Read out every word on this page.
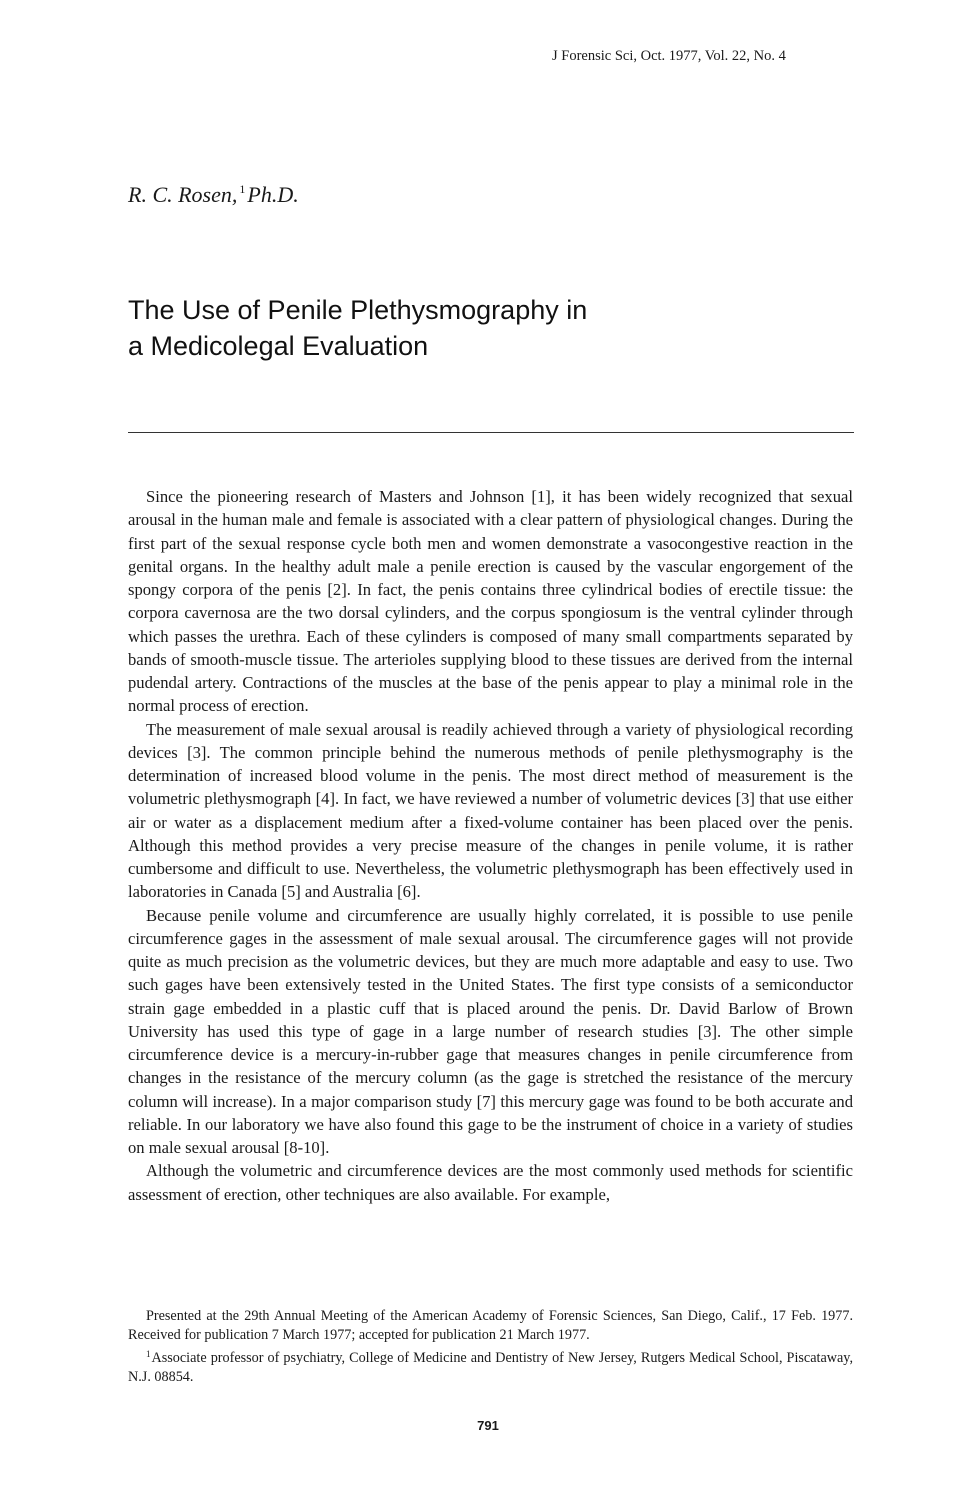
J Forensic Sci, Oct. 1977, Vol. 22, No. 4
R. C. Rosen, $^1$Ph.D.
The Use of Penile Plethysmography in
a Medicolegal Evaluation

Since the pioneering research of Masters and Johnson [1], it has been widely recognized that sexual arousal in the human male and female is associated with a clear pattern of physiological changes. During the first part of the sexual response cycle both men and women demonstrate a vasocongestive reaction in the genital organs. In the healthy adult male a penile erection is caused by the vascular engorgement of the spongy corpora of the penis [2]. In fact, the penis contains three cylindrical bodies of erectile tissue: the corpora cavernosa are the two dorsal cylinders, and the corpus spongiosum is the ventral cylinder through which passes the urethra. Each of these cylinders is composed of many small compartments separated by bands of smooth-muscle tissue. The arterioles supplying blood to these tissues are derived from the internal pudendal artery. Contractions of the muscles at the base of the penis appear to play a minimal role in the normal process of erection.

The measurement of male sexual arousal is readily achieved through a variety of physiological recording devices [3]. The common principle behind the numerous methods of penile plethysmography is the determination of increased blood volume in the penis. The most direct method of measurement is the volumetric plethysmograph [4]. In fact, we have reviewed a number of volumetric devices [3] that use either air or water as a displacement medium after a fixed-volume container has been placed over the penis. Although this method provides a very precise measure of the changes in penile volume, it is rather cumbersome and difficult to use. Nevertheless, the volumetric plethysmograph has been effectively used in laboratories in Canada [5] and Australia [6].

Because penile volume and circumference are usually highly correlated, it is possible to use penile circumference gages in the assessment of male sexual arousal. The circumference gages will not provide quite as much precision as the volumetric devices, but they are much more adaptable and easy to use. Two such gages have been extensively tested in the United States. The first type consists of a semiconductor strain gage embedded in a plastic cuff that is placed around the penis. Dr. David Barlow of Brown University has used this type of gage in a large number of research studies [3]. The other simple circumference device is a mercury-in-rubber gage that measures changes in penile circumference from changes in the resistance of the mercury column (as the gage is stretched the resistance of the mercury column will increase). In a major comparison study [7] this mercury gage was found to be both accurate and reliable. In our laboratory we have also found this gage to be the instrument of choice in a variety of studies on male sexual arousal [8-10].

Although the volumetric and circumference devices are the most commonly used methods for scientific assessment of erection, other techniques are also available. For example,

Presented at the 29th Annual Meeting of the American Academy of Forensic Sciences, San Diego, Calif., 17 Feb. 1977. Received for publication 7 March 1977; accepted for publication 21 March 1977.

$^1$Associate professor of psychiatry, College of Medicine and Dentistry of New Jersey, Rutgers Medical School, Piscataway, N.J. 08854.

791
